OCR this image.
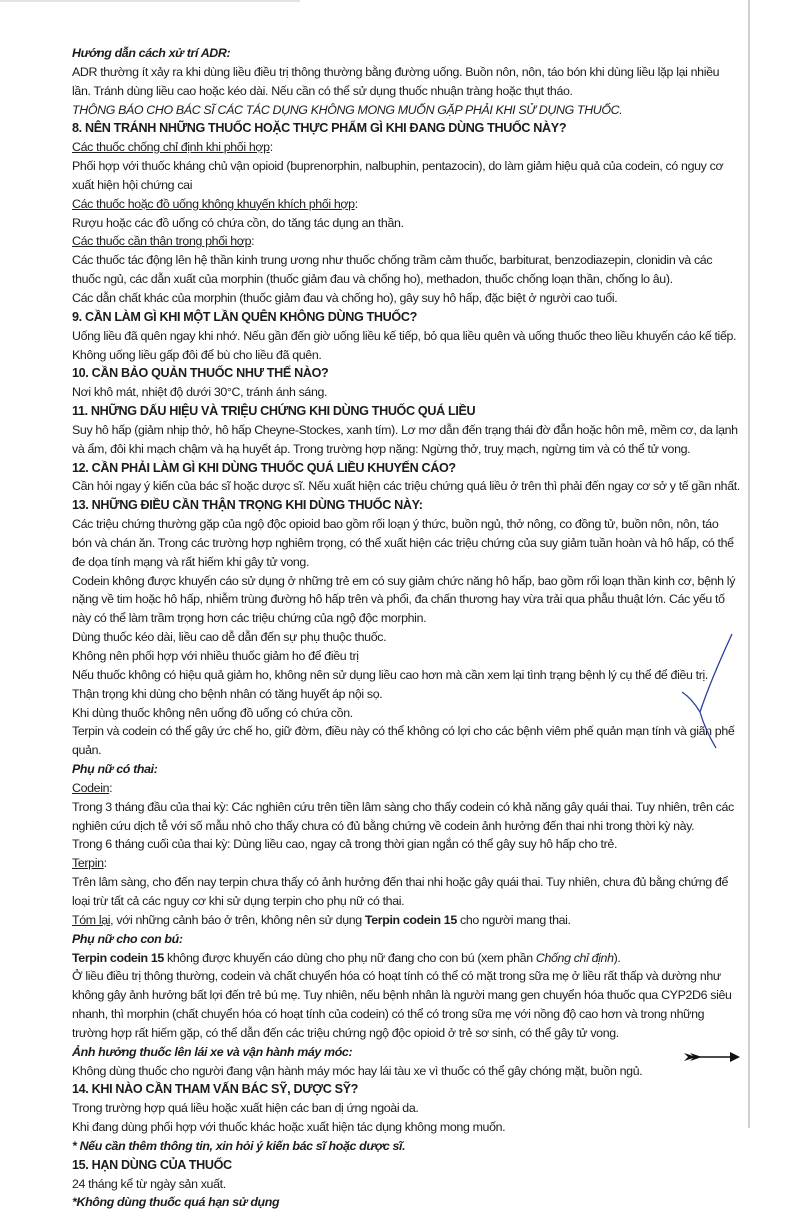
Hướng dẫn cách xử trí ADR:

ADR thường ít xảy ra khi dùng liều điều trị thông thường bằng đường uống. Buồn nôn, nôn, táo bón khi dùng liều lặp lại nhiều lần. Tránh dùng liều cao hoặc kéo dài. Nếu cần có thể sử dụng thuốc nhuận tràng hoặc thụt tháo.

THÔNG BÁO CHO BÁC SĨ CÁC TÁC DỤNG KHÔNG MONG MUỐN GẶP PHẢI KHI SỬ DỤNG THUỐC.

8. NÊN TRÁNH NHỮNG THUỐC HOẶC THỰC PHẨM GÌ KHI ĐANG DÙNG THUỐC NÀY?

Các thuốc chống chỉ định khi phối hợp:

Phối hợp với thuốc kháng chủ vận opioid (buprenorphin, nalbuphin, pentazocin), do làm giảm hiệu quả của codein, có nguy cơ xuất hiện hội chứng cai

Các thuốc hoặc đồ uống không khuyến khích phối hợp:

Rượu hoặc các đồ uống có chứa cồn, do tăng tác dụng an thần.

Các thuốc cần thận trọng phối hợp:

Các thuốc tác động lên hệ thần kinh trung ương như thuốc chống trầm cảm thuốc, barbiturat, benzodiazepin, clonidin và các thuốc ngủ, các dẫn xuất của morphin (thuốc giảm đau và chống ho), methadon, thuốc chống loạn thần, chống lo âu).

Các dẫn chất khác của morphin (thuốc giảm đau và chống ho), gây suy hô hấp, đặc biệt ở người cao tuổi.

9. CẦN LÀM GÌ KHI MỘT LẦN QUÊN KHÔNG DÙNG THUỐC?

Uống liều đã quên ngay khi nhớ. Nếu gần đến giờ uống liều kế tiếp, bỏ qua liều quên và uống thuốc theo liều khuyến cáo kế tiếp. Không uống liều gấp đôi để bù cho liều đã quên.

10. CẦN BẢO QUẢN THUỐC NHƯ THẾ NÀO?

Nơi khô mát, nhiệt độ dưới 30°C, tránh ánh sáng.

11. NHỮNG DẤU HIỆU VÀ TRIỆU CHỨNG KHI DÙNG THUỐC QUÁ LIỀU

Suy hô hấp (giảm nhịp thở, hô hấp Cheyne-Stockes, xanh tím). Lơ mơ dẫn đến trạng thái đờ đẫn hoặc hôn mê, mềm cơ, da lạnh và ẩm, đôi khi mạch chậm và hạ huyết áp. Trong trường hợp nặng: Ngừng thở, truỵ mạch, ngừng tim và có thể tử vong.

12. CẦN PHẢI LÀM GÌ KHI DÙNG THUỐC QUÁ LIỀU KHUYẾN CÁO?

Cần hỏi ngay ý kiến của bác sĩ hoặc dược sĩ. Nếu xuất hiện các triệu chứng quá liều ở trên thì phải đến ngay cơ sở y tế gần nhất.

13. NHỮNG ĐIỀU CẦN THẬN TRỌNG KHI DÙNG THUỐC NÀY:

Các triệu chứng thường gặp của ngộ độc opioid bao gồm rối loạn ý thức, buồn ngủ, thở nông, co đồng tử, buồn nôn, nôn, táo bón và chán ăn. Trong các trường hợp nghiêm trọng, có thể xuất hiện các triệu chứng của suy giảm tuần hoàn và hô hấp, có thể đe dọa tính mạng và rất hiếm khi gây tử vong.

Codein không được khuyến cáo sử dụng ở những trẻ em có suy giảm chức năng hô hấp, bao gồm rối loạn thần kinh cơ, bệnh lý nặng về tim hoặc hô hấp, nhiễm trùng đường hô hấp trên và phổi, đa chấn thương hay vừa trải qua phẫu thuật lớn. Các yếu tố này có thể làm trầm trọng hơn các triệu chứng của ngộ độc morphin.

Dùng thuốc kéo dài, liều cao dễ dẫn đến sự phụ thuộc thuốc.

Không nên phối hợp với nhiều thuốc giảm ho để điều trị

Nếu thuốc không có hiệu quả giảm ho, không nên sử dụng liều cao hơn mà cần xem lại tình trạng bệnh lý cụ thể để điều trị.

Thận trọng khi dùng cho bệnh nhân có tăng huyết áp nội sọ.

Khi dùng thuốc không nên uống đồ uống có chứa cồn.

Terpin và codein có thể gây ức chế ho, giữ đờm, điều này có thể không có lợi cho các bệnh viêm phế quản mạn tính và giãn phế quản.

Phụ nữ có thai:

Codein:

Trong 3 tháng đầu của thai kỳ: Các nghiên cứu trên tiền lâm sàng cho thấy codein có khả năng gây quái thai. Tuy nhiên, trên các nghiên cứu dịch tễ với số mẫu nhỏ cho thấy chưa có đủ bằng chứng về codein ảnh hưởng đến thai nhi trong thời kỳ này.

Trong 6 tháng cuối của thai kỳ: Dùng liều cao, ngay cả trong thời gian ngắn có thể gây suy hô hấp cho trẻ.

Terpin:

Trên lâm sàng, cho đến nay terpin chưa thấy có ảnh hưởng đến thai nhi hoặc gây quái thai. Tuy nhiên, chưa đủ bằng chứng để loại trừ tất cả các nguy cơ khi sử dụng terpin cho phụ nữ có thai.

Tóm lại, với những cảnh báo ở trên, không nên sử dụng Terpin codein 15 cho người mang thai.

Phụ nữ cho con bú:

Terpin codein 15 không được khuyến cáo dùng cho phụ nữ đang cho con bú (xem phần Chống chỉ định).

Ở liều điều trị thông thường, codein và chất chuyển hóa có hoạt tính có thể có mặt trong sữa mẹ ở liều rất thấp và dường như không gây ảnh hưởng bất lợi đến trẻ bú mẹ. Tuy nhiên, nếu bệnh nhân là người mang gen chuyển hóa thuốc qua CYP2D6 siêu nhanh, thì morphin (chất chuyển hóa có hoạt tính của codein) có thể có trong sữa mẹ với nồng độ cao hơn và trong những trường hợp rất hiếm gặp, có thể dẫn đến các triệu chứng ngộ độc opioid ở trẻ sơ sinh, có thể gây tử vong.

Ảnh hưởng thuốc lên lái xe và vận hành máy móc:

Không dùng thuốc cho người đang vận hành máy móc hay lái tàu xe vì thuốc có thể gây chóng mặt, buồn ngủ.

14. KHI NÀO CẦN THAM VẤN BÁC SỸ, DƯỢC SỸ?

Trong trường hợp quá liều hoặc xuất hiện các ban dị ứng ngoài da.

Khi đang dùng phối hợp với thuốc khác hoặc xuất hiện tác dụng không mong muốn.

* Nếu cần thêm thông tin, xin hỏi ý kiến bác sĩ hoặc dược sĩ.

15. HẠN DÙNG CỦA THUỐC

24 tháng kể từ ngày sản xuất.

*Không dùng thuốc quá hạn sử dụng
